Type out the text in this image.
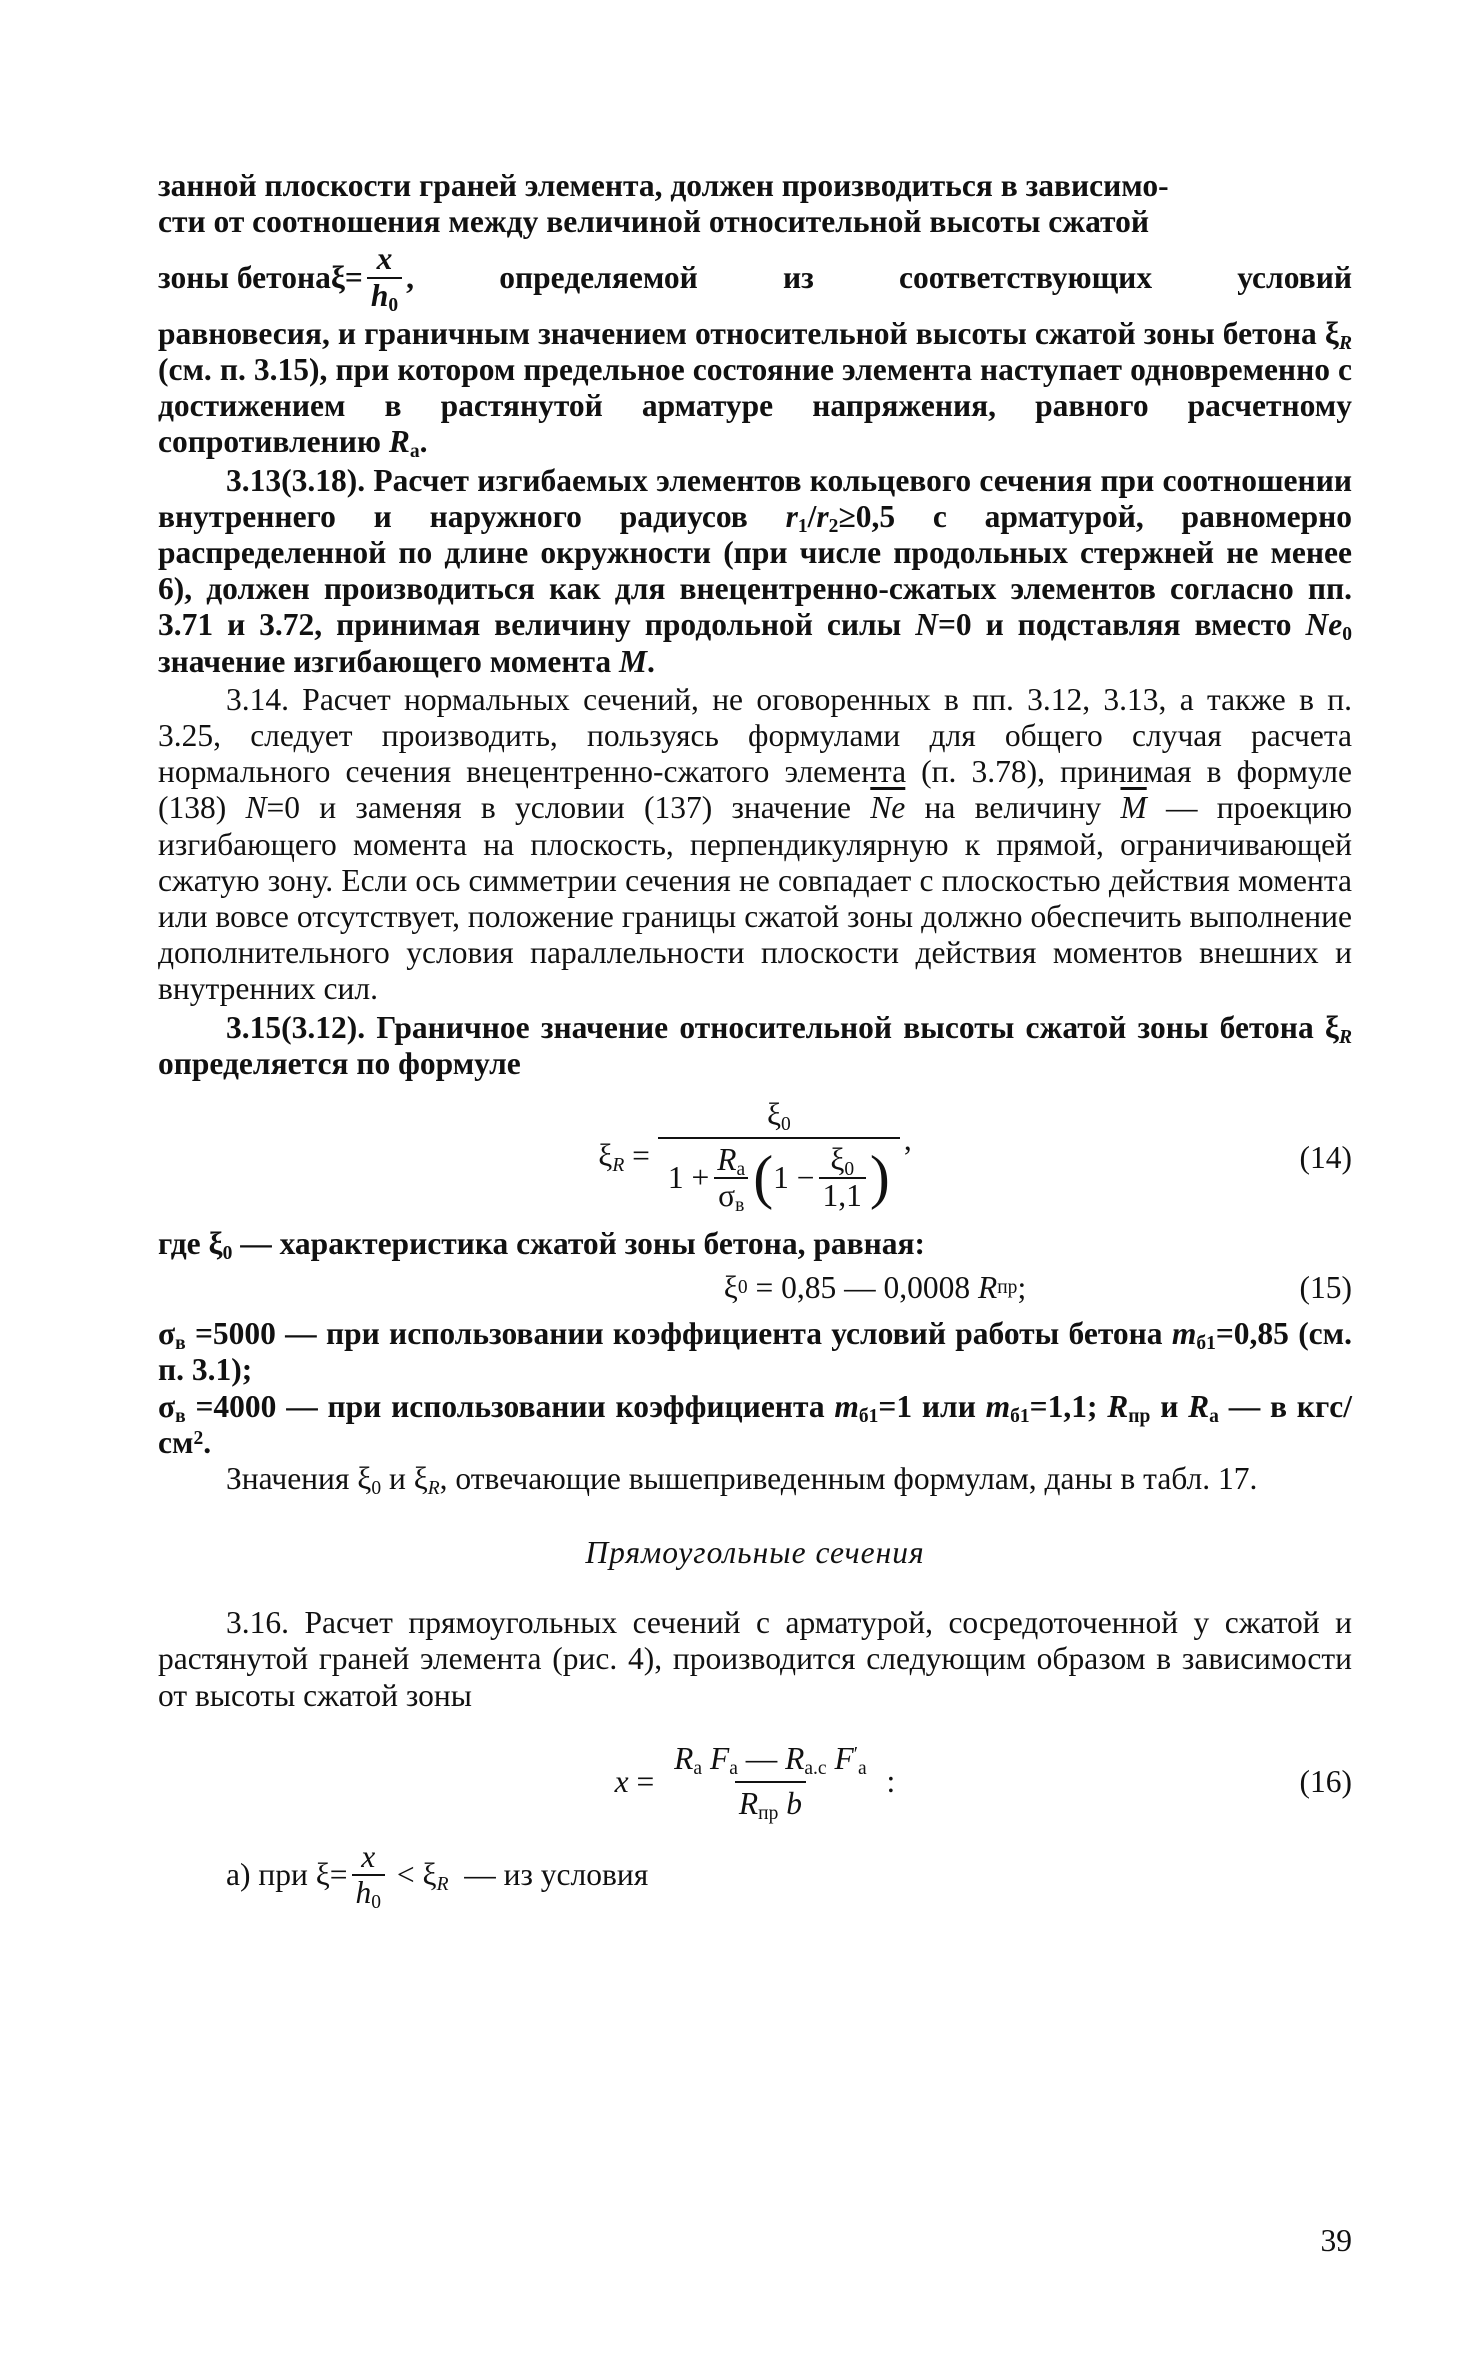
занной плоскости граней элемента, должен производиться в зависимо-
сти от соотношения между величиной относительной высоты сжатой

зоны бетона $\xi = \frac{x}{h_0}$ , определяемой из соответствующих условий

равновесия, и граничным значением относительной высоты сжатой зоны бетона $\xi_R$ (см. п. 3.15), при котором предельное состояние элемента наступает одновременно с достижением в растянутой арматуре напряжения, равного расчетному сопротивлению $R_а$.

3.13(3.18). Расчет изгибаемых элементов кольцевого сечения при соотношении внутреннего и наружного радиусов $r_1/r_2\ge 0,5$ с арматурой, равномерно распределенной по длине окружности (при числе продольных стержней не менее 6), должен производиться как для внецентренно-сжатых элементов согласно пп. 3.71 и 3.72, принимая величину продольной силы N=0 и подставляя вместо $Ne_0$ значение изгибающего момента M.

3.14. Расчет нормальных сечений, не оговоренных в пп. 3.12, 3.13, а также в п. 3.25, следует производить, пользуясь формулами для общего случая расчета нормального сечения внецентренно-сжатого элемента (п. 3.78), принимая в формуле (138) N=0 и заменяя в условии (137) значение $\overline{Ne}$ на величину $\overline{M}$ — проекцию изгибающего момента на плоскость, перпендикулярную к прямой, ограничивающей сжатую зону. Если ось симметрии сечения не совпадает с плоскостью действия момента или вовсе отсутствует, положение границы сжатой зоны должно обеспечить выполнение дополнительного условия параллельности плоскости действия моментов внешних и внутренних сил.

3.15(3.12). Граничное значение относительной высоты сжатой зоны бетона $\xi_R$ определяется по формуле

$\xi_R$ =
$\xi_0$
$1 + \frac{R_а}{\sigma_в}$ ( $1 - \frac{\xi_0}{1,1}$ )
,
(14)

где $\xi_0$ — характеристика сжатой зоны бетона, равная:

ξ 0 = 0,85 — 0,0008 R пр ;	(15)

$\sigma_в =5000$ — при использовании коэффициента условий работы бетона $m_{б1}=0,85$ (см. п. 3.1);

$\sigma_в =4000$ — при использовании коэффициента $m_{б1}=1$ или $m_{б1}=1,1$; $R_{пр}$ и $R_а$ — в кгс/$см^2$.

Значения $\xi_0$ и $\xi_R$, отвечающие вышеприведенным формулам, даны в табл. 17.

Прямоугольные сечения

3.16. Расчет прямоугольных сечений с арматурой, сосредоточенной у сжатой и растянутой граней элемента (рис. 4), производится следующим образом в зависимости от высоты сжатой зоны

$x = \frac{R_а F_а — R_{а.с} F'_а}{R_{пр} b}$ :	(16)
а) при $\xi = \frac{x}{h_0} < \xi$ $_R$ — из условия
39
